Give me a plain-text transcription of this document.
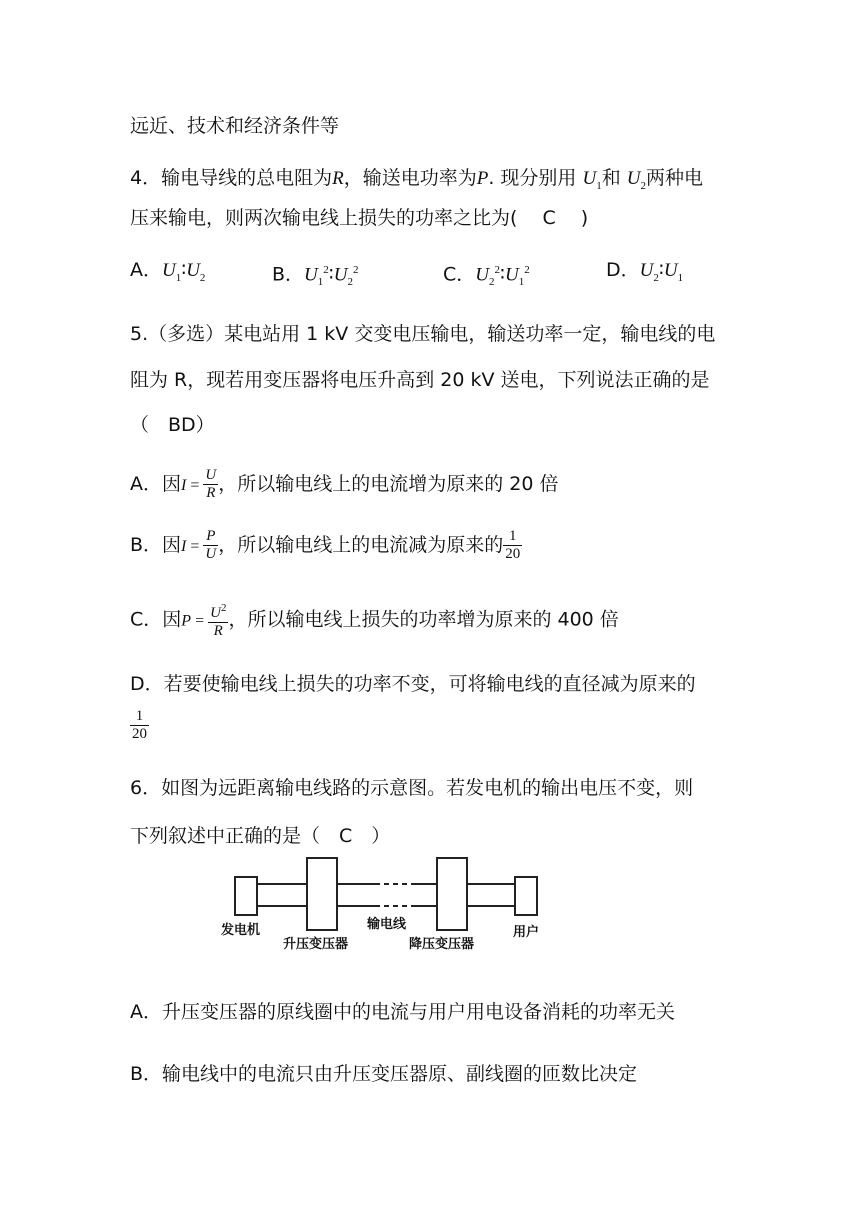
远近、技术和经济条件等
4．输电导线的总电阻为R，输送电功率为P. 现分别用 $U_1$和 $U_2$两种电
压来输电，则两次输电线上损失的功率之比为(　 C　 )
A．$U_1∶U_2$	B．$U_1^2∶U_2^2$	C．$U_2^2∶U_1^2$	D．$U_2∶U_1$
5.（多选）某电站用 1 kV 交变电压输电，输送功率一定，输电线的电
阻为 R，现若用变压器将电压升高到 20 kV 送电，下列说法正确的是
（　BD）
A．因$I = \frac{U}{R}$ ，所以输电线上的电流增为原来的 20 倍
B．因$I = \frac{P}{U}$ ，所以输电线上的电流减为原来的 $\frac{1}{20}$
C．因$P = \frac{U^2}{R}$ ，所以输电线上损失的功率增为原来的 400 倍
D．若要使输电线上损失的功率不变，可将输电线的直径减为原来的
$\frac{1}{20}$
6．如图为远距离输电线路的示意图。若发电机的输出电压不变，则
下列叙述中正确的是（　C　）
发电机
升压变压器
输电线
降压变压器
用户
A．升压变压器的原线圈中的电流与用户用电设备消耗的功率无关
B．输电线中的电流只由升压变压器原、副线圈的匝数比决定
